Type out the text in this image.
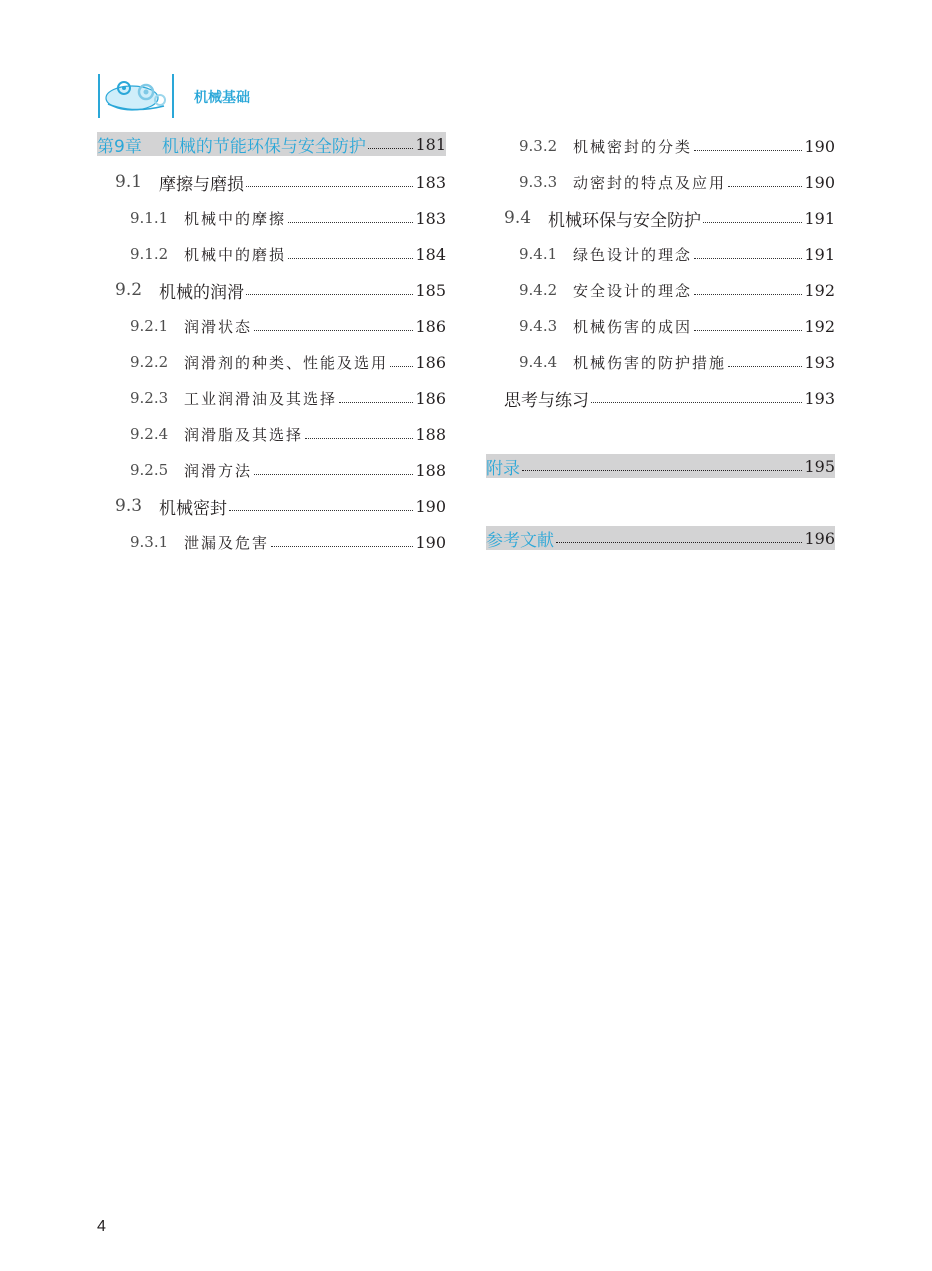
机械基础
第9章 机械的节能环保与安全防护	181
9.1 摩擦与磨损	183
9.1.1	机械中的摩擦	183
9.1.2	机械中的磨损	184
9.2 机械的润滑	185
9.2.1	润滑状态	186
9.2.2	润滑剂的种类、性能及选用 186
9.2.3	工业润滑油及其选择	186
9.2.4	润滑脂及其选择	188
9.2.5	润滑方法	188
9.3 机械密封	190
9.3.1	泄漏及危害	190
9.3.2	机械密封的分类	190
9.3.3	动密封的特点及应用	190
9.4 机械环保与安全防护	191
9.4.1	绿色设计的理念	191
9.4.2	安全设计的理念	192
9.4.3	机械伤害的成因	192
9.4.4	机械伤害的防护措施	193
思考与练习	193
附录	195
参考文献	196
4
